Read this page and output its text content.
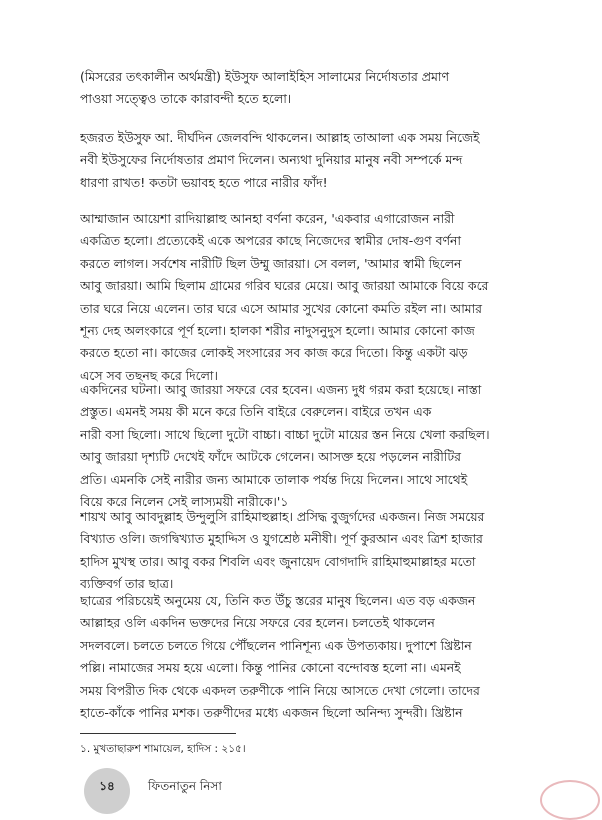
(মিসরের তৎকালীন অর্থমন্ত্রী) ইউসুফ আলাইহিস সালামের নির্দোষতার প্রমাণ
পাওয়া সত্ত্বেও তাকে কারাবন্দী হতে হলো।

হজরত ইউসুফ আ. দীর্ঘদিন জেলবন্দি থাকলেন। আল্লাহ তাআলা এক সময় নিজেই
নবী ইউসুফের নির্দোষতার প্রমাণ দিলেন। অন্যথা দুনিয়ার মানুষ নবী সম্পর্কে মন্দ
ধারণা রাখত! কতটা ভয়াবহ হতে পারে নারীর ফাঁদ!

আম্মাজান আয়েশা রাদিয়াল্লাহু আনহা বর্ণনা করেন, 'একবার এগারোজন নারী
একত্রিত হলো। প্রত্যেকেই একে অপরের কাছে নিজেদের স্বামীর দোষ-গুণ বর্ণনা
করতে লাগল। সর্বশেষ নারীটি ছিল উম্মু জারয়া। সে বলল, 'আমার স্বামী ছিলেন
আবু জারয়া। আমি ছিলাম গ্রামের গরিব ঘরের মেয়ে। আবু জারয়া আমাকে বিয়ে করে
তার ঘরে নিয়ে এলেন। তার ঘরে এসে আমার সুখের কোনো কমতি রইল না। আমার
শূন্য দেহ অলংকারে পূর্ণ হলো। হালকা শরীর নাদুসনুদুস হলো। আমার কোনো কাজ
করতে হতো না। কাজের লোকই সংসারের সব কাজ করে দিতো। কিন্তু একটা ঝড়
এসে সব তছনছ করে দিলো।

একদিনের ঘটনা। আবু জারয়া সফরে বের হবেন। এজন্য দুধ গরম করা হয়েছে। নাস্তা
প্রস্তুত। এমনই সময় কী মনে করে তিনি বাইরে বেরুলেন। বাইরে তখন এক
নারী বসা ছিলো। সাথে ছিলো দুটো বাচ্চা। বাচ্চা দুটো মায়ের স্তন নিয়ে খেলা করছিল।
আবু জারয়া দৃশ্যটি দেখেই ফাঁদে আটকে গেলেন। আসক্ত হয়ে পড়লেন নারীটির
প্রতি। এমনকি সেই নারীর জন্য আমাকে তালাক পর্যন্ত দিয়ে দিলেন। সাথে সাথেই
বিয়ে করে নিলেন সেই লাস্যময়ী নারীকে।'১

শায়খ আবু আবদুল্লাহ উন্দুলুসি রাহিমাহুল্লাহ। প্রসিদ্ধ বুজুর্গদের একজন। নিজ সময়ের
বিখ্যাত ওলি। জগদ্বিখ্যাত মুহাদ্দিস ও যুগশ্রেষ্ঠ মনীষী। পূর্ণ কুরআন এবং ত্রিশ হাজার
হাদিস মুখস্থ তার। আবু বকর শিবলি এবং জুনায়েদ বোগদাদি রাহিমাহুমাল্লাহর মতো
ব্যক্তিবর্গ তার ছাত্র।

ছাত্রের পরিচয়েই অনুমেয় যে, তিনি কত উঁচু স্তরের মানুষ ছিলেন। এত বড় একজন
আল্লাহর ওলি একদিন ভক্তদের নিয়ে সফরে বের হলেন। চলতেই থাকলেন
সদলবলে। চলতে চলতে গিয়ে পৌঁছলেন পানিশূন্য এক উপত্যকায়। দুপাশে খ্রিষ্টান
পল্লি। নামাজের সময় হয়ে এলো। কিন্তু পানির কোনো বন্দোবস্ত হলো না। এমনই
সময় বিপরীত দিক থেকে একদল তরুণীকে পানি নিয়ে আসতে দেখা গেলো। তাদের
হাতে-কাঁকে পানির মশক। তরুণীদের মধ্যে একজন ছিলো অনিন্দ্য সুন্দরী। খ্রিষ্টান

১. মুখতাছারুশ শামায়েল, হাদিস : ২১৫।
১৪	ফিতনাতুন নিসা
